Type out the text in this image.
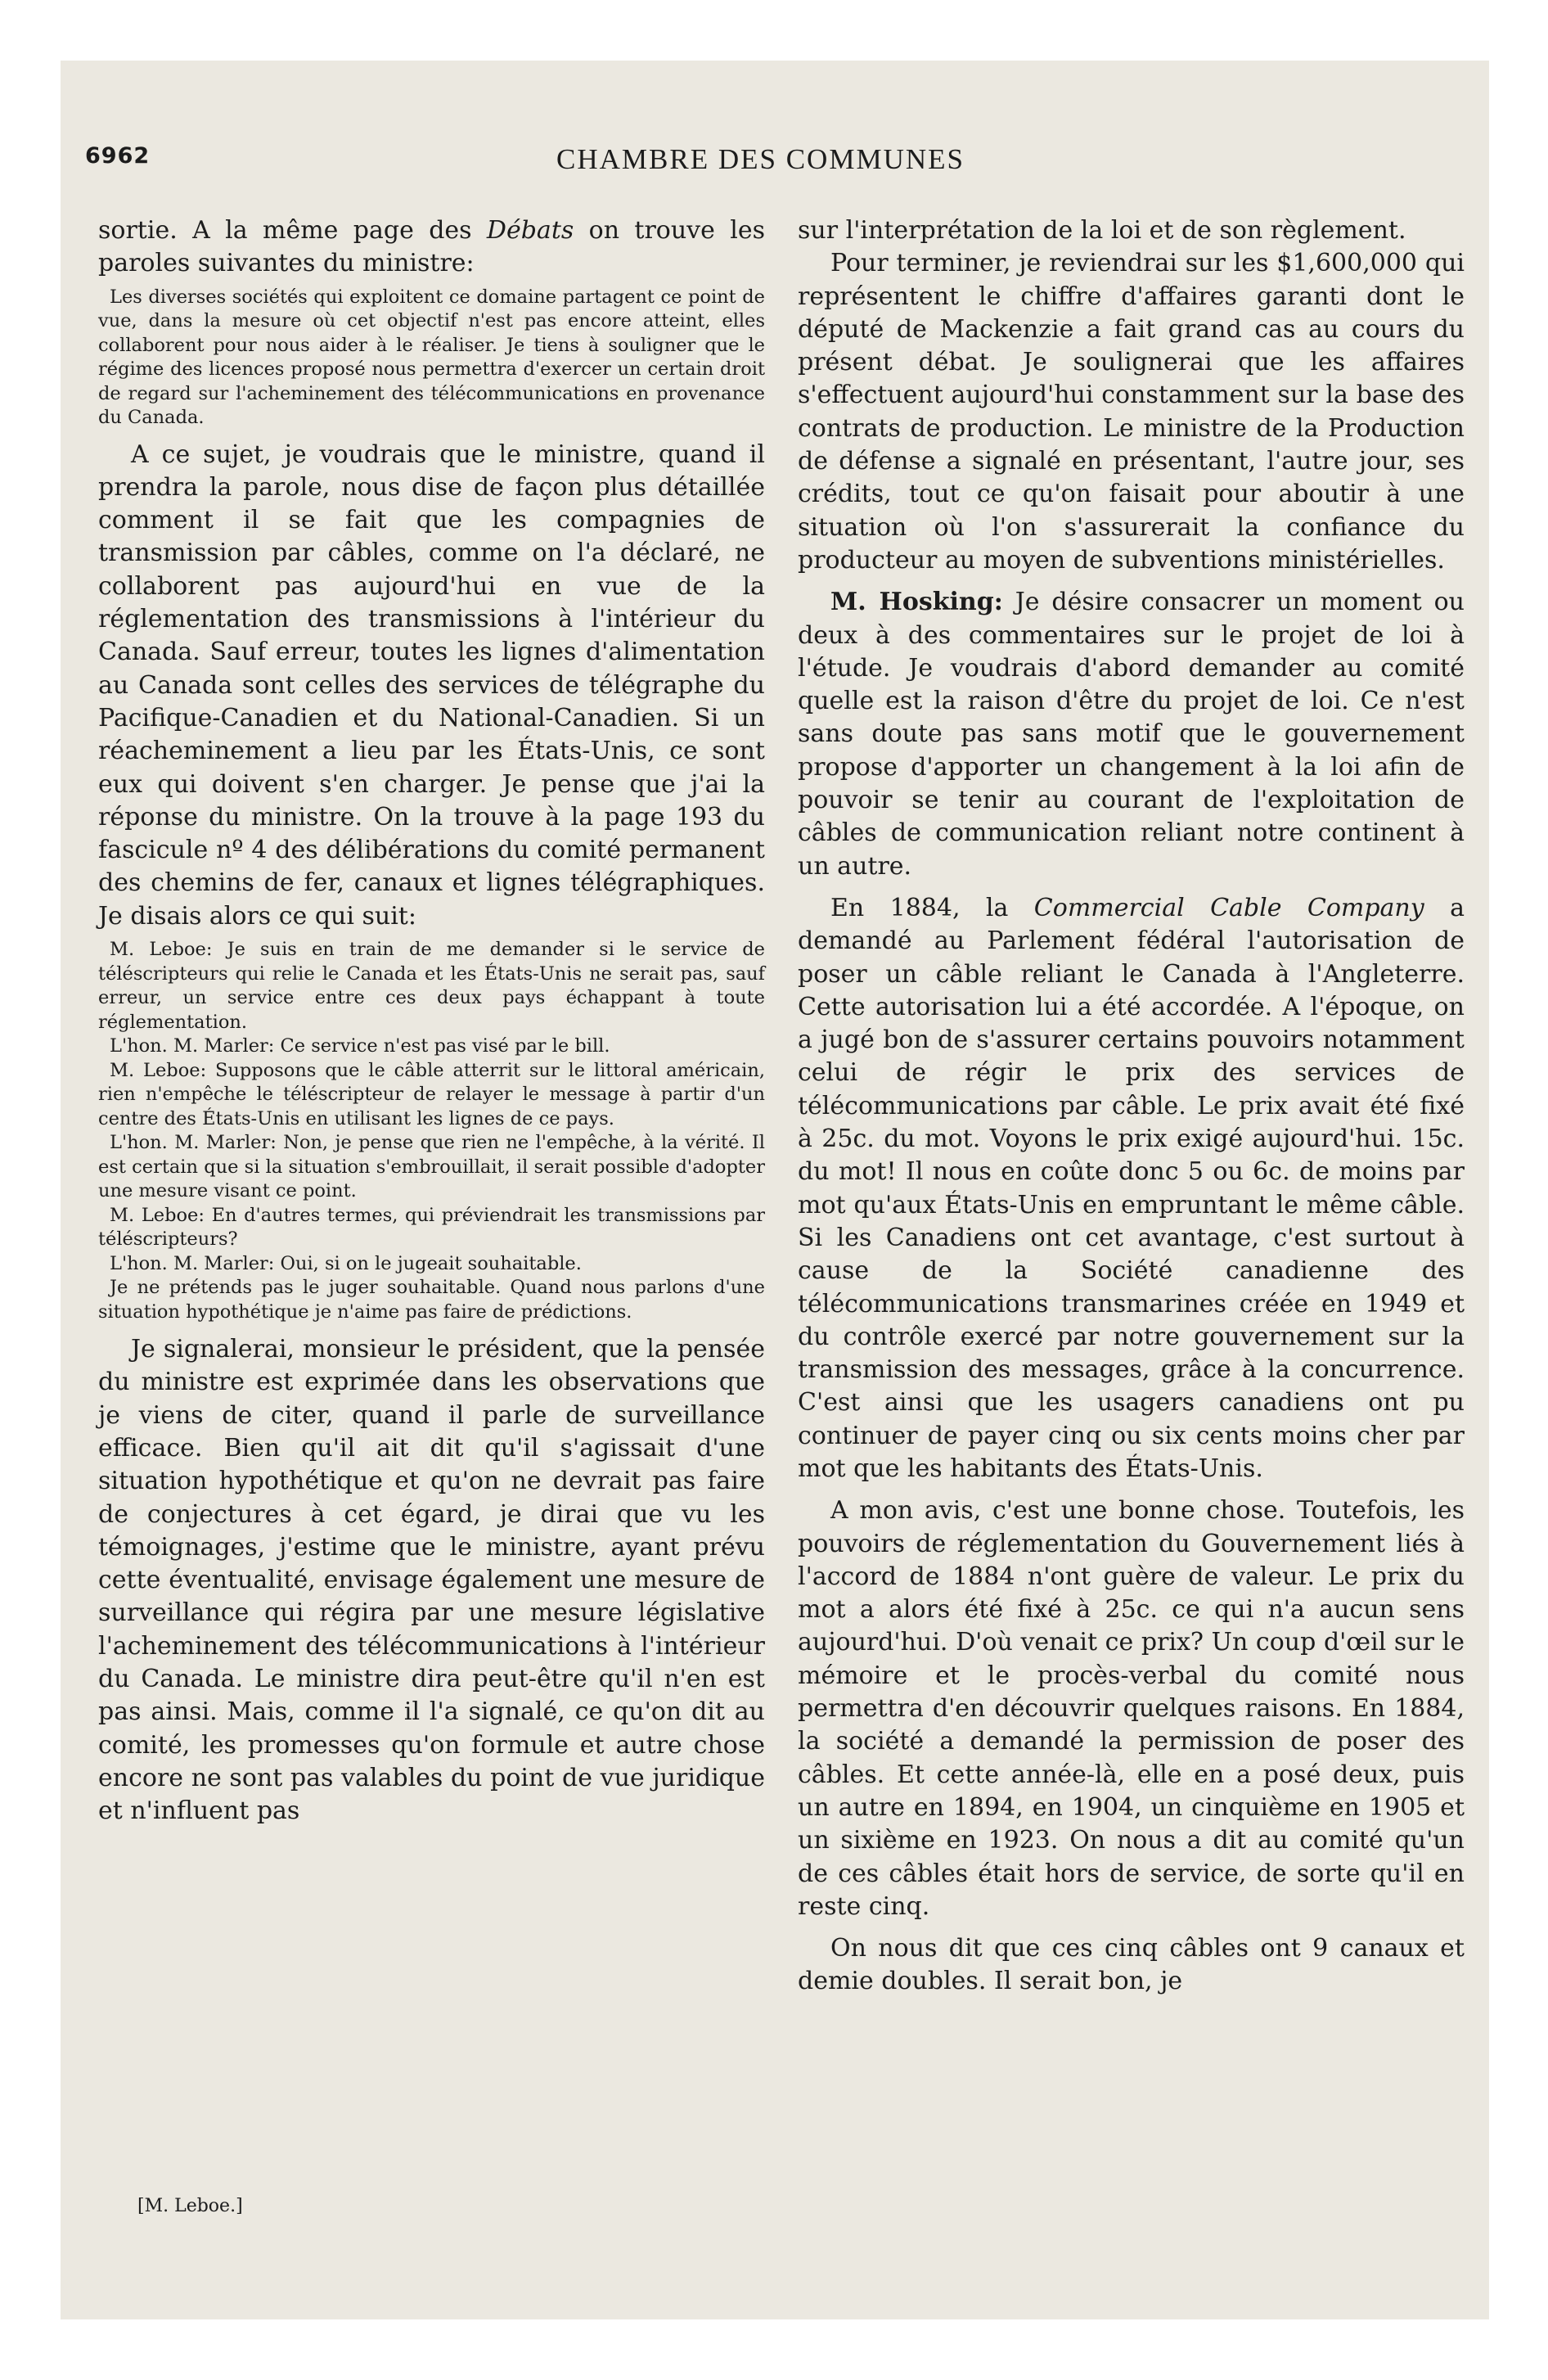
6962	CHAMBRE DES COMMUNES

sortie. A la même page des Débats on trouve les paroles suivantes du ministre:

Les diverses sociétés qui exploitent ce domaine partagent ce point de vue, dans la mesure où cet objectif n'est pas encore atteint, elles collaborent pour nous aider à le réaliser. Je tiens à souligner que le régime des licences proposé nous permettra d'exercer un certain droit de regard sur l'acheminement des télécommunications en provenance du Canada.

A ce sujet, je voudrais que le ministre, quand il prendra la parole, nous dise de façon plus détaillée comment il se fait que les compagnies de transmission par câbles, comme on l'a déclaré, ne collaborent pas aujourd'hui en vue de la réglementation des transmissions à l'intérieur du Canada. Sauf erreur, toutes les lignes d'alimentation au Canada sont celles des services de télégraphe du Pacifique-Canadien et du National-Canadien. Si un réacheminement a lieu par les États-Unis, ce sont eux qui doivent s'en charger. Je pense que j'ai la réponse du ministre. On la trouve à la page 193 du fascicule nº 4 des délibérations du comité permanent des chemins de fer, canaux et lignes télégraphiques. Je disais alors ce qui suit:

M. Leboe: Je suis en train de me demander si le service de téléscripteurs qui relie le Canada et les États-Unis ne serait pas, sauf erreur, un service entre ces deux pays échappant à toute réglementation.

L'hon. M. Marler: Ce service n'est pas visé par le bill.

M. Leboe: Supposons que le câble atterrit sur le littoral américain, rien n'empêche le téléscripteur de relayer le message à partir d'un centre des États-Unis en utilisant les lignes de ce pays.

L'hon. M. Marler: Non, je pense que rien ne l'empêche, à la vérité. Il est certain que si la situation s'embrouillait, il serait possible d'adopter une mesure visant ce point.

M. Leboe: En d'autres termes, qui préviendrait les transmissions par téléscripteurs?

L'hon. M. Marler: Oui, si on le jugeait souhaitable.

Je ne prétends pas le juger souhaitable. Quand nous parlons d'une situation hypothétique je n'aime pas faire de prédictions.

Je signalerai, monsieur le président, que la pensée du ministre est exprimée dans les observations que je viens de citer, quand il parle de surveillance efficace. Bien qu'il ait dit qu'il s'agissait d'une situation hypothétique et qu'on ne devrait pas faire de conjectures à cet égard, je dirai que vu les témoignages, j'estime que le ministre, ayant prévu cette éventualité, envisage également une mesure de surveillance qui régira par une mesure législative l'acheminement des télécommunications à l'intérieur du Canada. Le ministre dira peut-être qu'il n'en est pas ainsi. Mais, comme il l'a signalé, ce qu'on dit au comité, les promesses qu'on formule et autre chose encore ne sont pas valables du point de vue juridique et n'influent pas

[M. Leboe.]

sur l'interprétation de la loi et de son règlement.

Pour terminer, je reviendrai sur les $1,600,000 qui représentent le chiffre d'affaires garanti dont le député de Mackenzie a fait grand cas au cours du présent débat. Je soulignerai que les affaires s'effectuent aujourd'hui constamment sur la base des contrats de production. Le ministre de la Production de défense a signalé en présentant, l'autre jour, ses crédits, tout ce qu'on faisait pour aboutir à une situation où l'on s'assurerait la confiance du producteur au moyen de subventions ministérielles.

M. Hosking: Je désire consacrer un moment ou deux à des commentaires sur le projet de loi à l'étude. Je voudrais d'abord demander au comité quelle est la raison d'être du projet de loi. Ce n'est sans doute pas sans motif que le gouvernement propose d'apporter un changement à la loi afin de pouvoir se tenir au courant de l'exploitation de câbles de communication reliant notre continent à un autre.

En 1884, la Commercial Cable Company a demandé au Parlement fédéral l'autorisation de poser un câble reliant le Canada à l'Angleterre. Cette autorisation lui a été accordée. A l'époque, on a jugé bon de s'assurer certains pouvoirs notamment celui de régir le prix des services de télécommunications par câble. Le prix avait été fixé à 25c. du mot. Voyons le prix exigé aujourd'hui. 15c. du mot! Il nous en coûte donc 5 ou 6c. de moins par mot qu'aux États-Unis en empruntant le même câble. Si les Canadiens ont cet avantage, c'est surtout à cause de la Société canadienne des télécommunications transmarines créée en 1949 et du contrôle exercé par notre gouvernement sur la transmission des messages, grâce à la concurrence. C'est ainsi que les usagers canadiens ont pu continuer de payer cinq ou six cents moins cher par mot que les habitants des États-Unis.

A mon avis, c'est une bonne chose. Toutefois, les pouvoirs de réglementation du Gouvernement liés à l'accord de 1884 n'ont guère de valeur. Le prix du mot a alors été fixé à 25c. ce qui n'a aucun sens aujourd'hui. D'où venait ce prix? Un coup d'œil sur le mémoire et le procès-verbal du comité nous permettra d'en découvrir quelques raisons. En 1884, la société a demandé la permission de poser des câbles. Et cette année-là, elle en a posé deux, puis un autre en 1894, en 1904, un cinquième en 1905 et un sixième en 1923. On nous a dit au comité qu'un de ces câbles était hors de service, de sorte qu'il en reste cinq.

On nous dit que ces cinq câbles ont 9 canaux et demie doubles. Il serait bon, je
